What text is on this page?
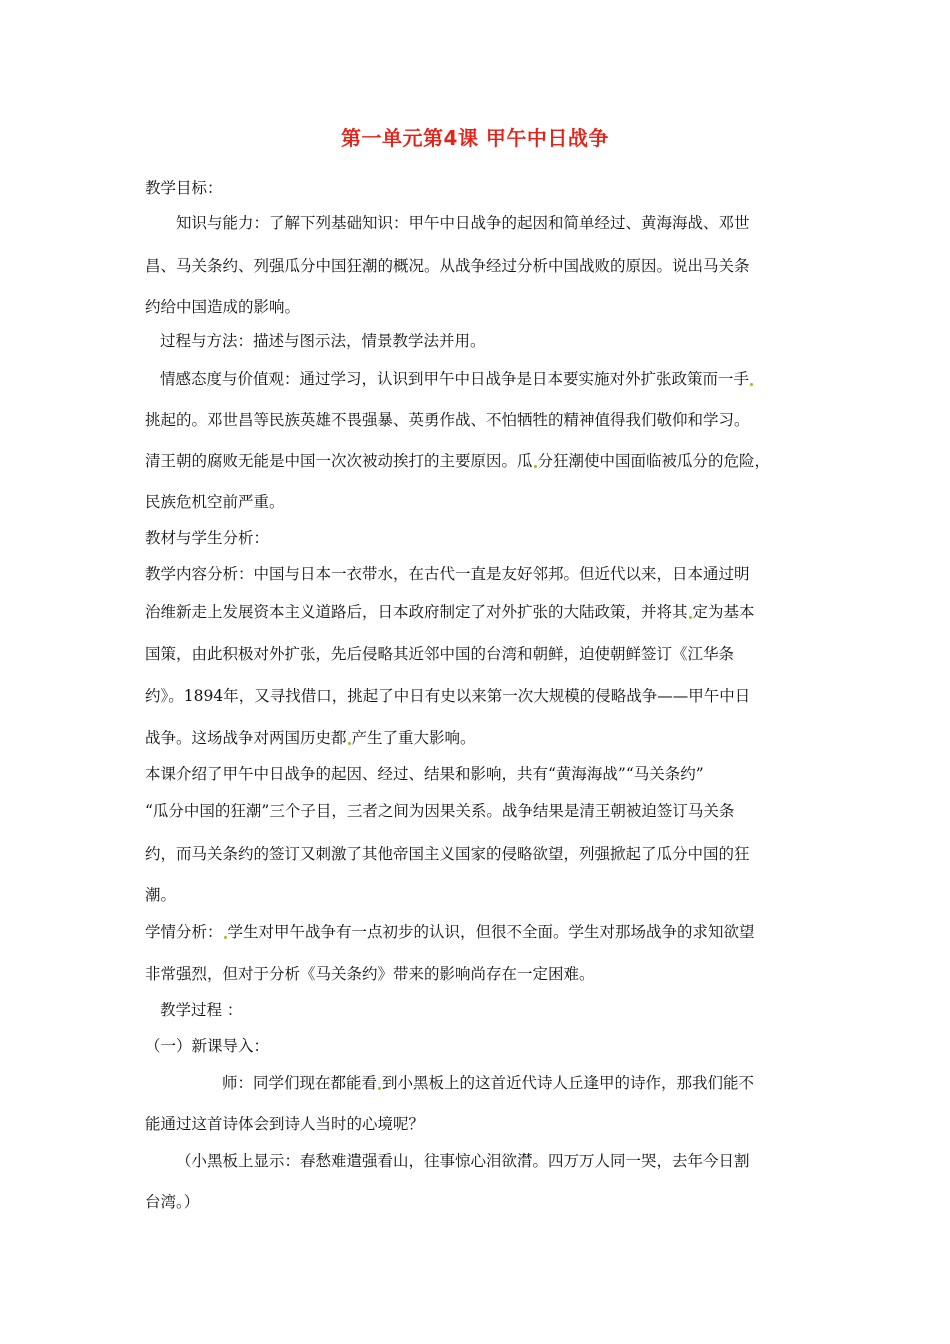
第一单元第4课 甲午中日战争
教学目标：
知识与能力：了解下列基础知识：甲午中日战争的起因和简单经过、黄海海战、邓世
昌、马关条约、列强瓜分中国狂潮的概况。从战争经过分析中国战败的原因。说出马关条
约给中国造成的影响。
过程与方法：描述与图示法，情景教学法并用。
情感态度与价值观：通过学习，认识到甲午中日战争是日本要实施对外扩张政策而一手
挑起的。邓世昌等民族英雄不畏强暴、英勇作战、不怕牺牲的精神值得我们敬仰和学习。
清王朝的腐败无能是中国一次次被动挨打的主要原因。瓜 分狂潮使中国面临被瓜分的危险，
民族危机空前严重。
教材与学生分析：
教学内容分析：中国与日本一衣带水，在古代一直是友好邻邦。但近代以来，日本通过明
治维新走上发展资本主义道路后，日本政府制定了对外扩张的大陆政策，并将其 定为基本
国策，由此积极对外扩张，先后侵略其近邻中国的台湾和朝鲜，迫使朝鲜签订《江华条
约》。1894年，又寻找借口，挑起了中日有史以来第一次大规模的侵略战争——甲午中日
战争。这场战争对两国历史都 产生了重大影响。
本课介绍了甲午中日战争的起因、经过、结果和影响，共有“黄海海战”“马关条约”
“瓜分中国的狂潮”三个子目，三者之间为因果关系。战争结果是清王朝被迫签订马关条
约，而马关条约的签订又刺激了其他帝国主义国家的侵略欲望，列强掀起了瓜分中国的狂
潮。
学情分析： 学生对甲午战争有一点初步的认识，但很不全面。学生对那场战争的求知欲望
非常强烈，但对于分析《马关条约》带来的影响尚存在一定困难。
教学过程 ：
（一）新课导入：
师：同学们现在都能看 到小黑板上的这首近代诗人丘逢甲的诗作，那我们能不
能通过这首诗体会到诗人当时的心境呢？
（小黑板上显示：春愁难遣强看山，往事惊心泪欲潸。四万万人同一哭，去年今日割
台湾。）
